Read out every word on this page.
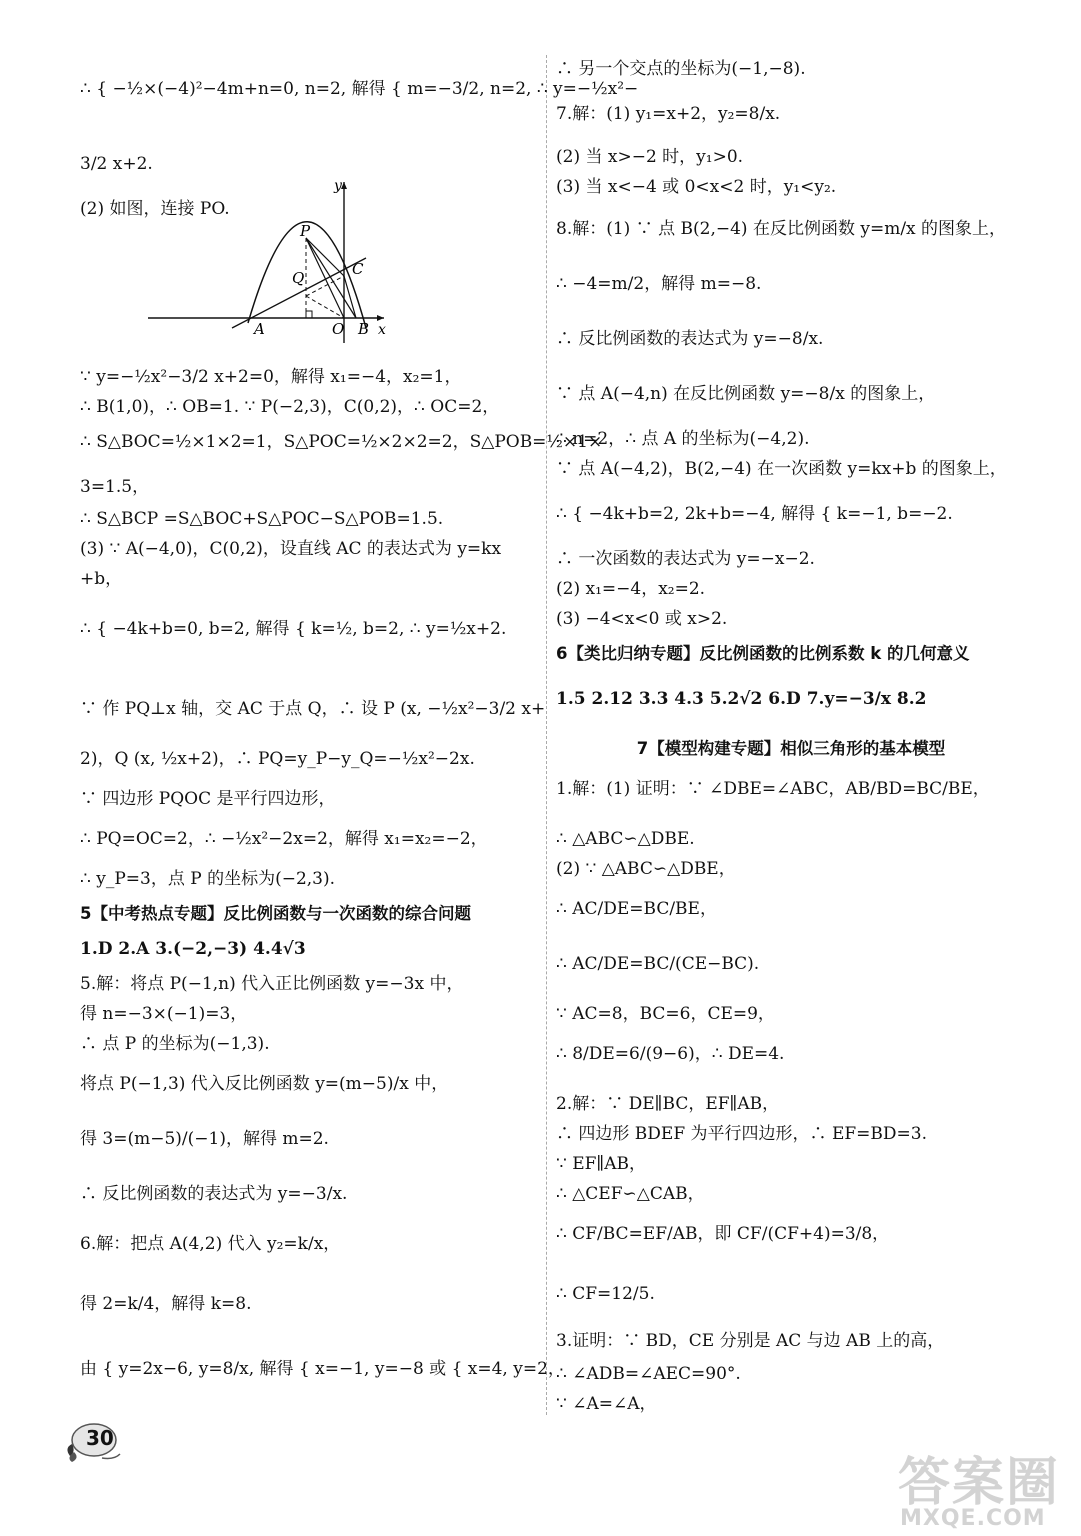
∴ { −½×(−4)²−4m+n=0, n=2, 解得 { m=−3/2, n=2, ∴ y=−½x²−
3/2 x+2.
(2) 如图，连接 PO.
∵ y=−½x²−3/2 x+2=0，解得 x₁=−4，x₂=1，
∴ B(1,0)，∴ OB=1. ∵ P(−2,3)，C(0,2)，∴ OC=2，
∴ S△BOC=½×1×2=1，S△POC=½×2×2=2，S△POB=½×1×
3=1.5，
∴ S△BCP =S△BOC+S△POC−S△POB=1.5.
(3) ∵ A(−4,0)，C(0,2)，设直线 AC 的表达式为 y=kx
+b，
∴ { −4k+b=0, b=2, 解得 { k=½, b=2, ∴ y=½x+2.
∵ 作 PQ⊥x 轴，交 AC 于点 Q，∴ 设 P (x, −½x²−3/2 x+
2)，Q (x, ½x+2)，∴ PQ=y_P−y_Q=−½x²−2x.
∵ 四边形 PQOC 是平行四边形，
∴ PQ=OC=2，∴ −½x²−2x=2，解得 x₁=x₂=−2，
∴ y_P=3，点 P 的坐标为(−2,3).
5【中考热点专题】反比例函数与一次函数的综合问题
1.D 2.A 3.(−2,−3) 4.4√3
5.解：将点 P(−1,n) 代入正比例函数 y=−3x 中，
得 n=−3×(−1)=3，
∴ 点 P 的坐标为(−1,3).
将点 P(−1,3) 代入反比例函数 y=(m−5)/x 中，
得 3=(m−5)/(−1)，解得 m=2.
∴ 反比例函数的表达式为 y=−3/x.
6.解：把点 A(4,2) 代入 y₂=k/x，
得 2=k/4，解得 k=8.
由 { y=2x−6, y=8/x, 解得 { x=−1, y=−8 或 { x=4, y=2，
∴ 另一个交点的坐标为(−1,−8).
7.解：(1) y₁=x+2，y₂=8/x.
(2) 当 x>−2 时，y₁>0.
(3) 当 x<−4 或 0<x<2 时，y₁<y₂.
8.解：(1) ∵ 点 B(2,−4) 在反比例函数 y=m/x 的图象上，
∴ −4=m/2，解得 m=−8.
∴ 反比例函数的表达式为 y=−8/x.
∵ 点 A(−4,n) 在反比例函数 y=−8/x 的图象上，
∴ n=2，∴ 点 A 的坐标为(−4,2).
∵ 点 A(−4,2)，B(2,−4) 在一次函数 y=kx+b 的图象上，
∴ { −4k+b=2, 2k+b=−4, 解得 { k=−1, b=−2.
∴ 一次函数的表达式为 y=−x−2.
(2) x₁=−4，x₂=2.
(3) −4<x<0 或 x>2.
6【类比归纳专题】反比例函数的比例系数 k 的几何意义
1.5 2.12 3.3 4.3 5.2√2 6.D 7.y=−3/x 8.2
7【模型构建专题】相似三角形的基本模型
1.解：(1) 证明：∵ ∠DBE=∠ABC，AB/BD=BC/BE，
∴ △ABC∽△DBE.
(2) ∵ △ABC∽△DBE，
∴ AC/DE=BC/BE，
∴ AC/DE=BC/(CE−BC).
∵ AC=8，BC=6，CE=9，
∴ 8/DE=6/(9−6)，∴ DE=4.
2.解：∵ DE∥BC，EF∥AB，
∴ 四边形 BDEF 为平行四边形，∴ EF=BD=3.
∵ EF∥AB，
∴ △CEF∽△CAB，
∴ CF/BC=EF/AB，即 CF/(CF+4)=3/8，
∴ CF=12/5.
3.证明：∵ BD，CE 分别是 AC 与边 AB 上的高，
∴ ∠ADB=∠AEC=90°.
∵ ∠A=∠A，
P
y
C
Q
A	O B x
30
答案圈
MXQE.COM
